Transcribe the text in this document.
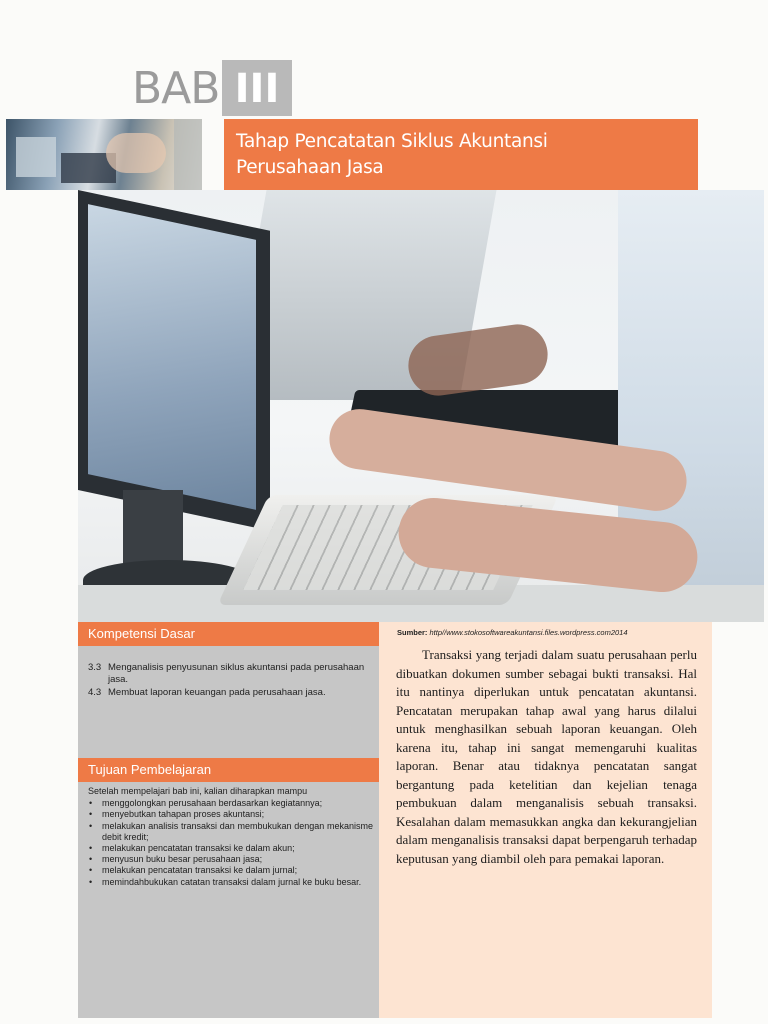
BAB III
Tahap Pencatatan Siklus Akuntansi Perusahaan Jasa
Kompetensi Dasar
3.3 Menganalisis penyusunan siklus akuntansi pada perusahaan jasa.
4.3 Membuat laporan keuangan pada perusahaan jasa.
Tujuan Pembelajaran
Setelah mempelajari bab ini, kalian diharapkan mampu
•	menggolongkan perusahaan berdasarkan kegiatannya;
•	menyebutkan tahapan proses akuntansi;
•	melakukan analisis transaksi dan membukukan dengan mekanisme debit kredit;
•	melakukan pencatatan transaksi ke dalam akun;
•	menyusun buku besar perusahaan jasa;
•	melakukan pencatatan transaksi ke dalam jurnal;
•	memindahbukukan catatan transaksi dalam jurnal ke buku besar.
Sumber: http//www.stokosoftwareakuntansi.files.wordpress.com2014

Transaksi yang terjadi dalam suatu perusahaan perlu dibuatkan dokumen sumber sebagai bukti transaksi. Hal itu nantinya diperlukan untuk pencatatan akuntansi. Pencatatan merupakan tahap awal yang harus dilalui untuk menghasilkan sebuah laporan keuangan. Oleh karena itu, tahap ini sangat memengaruhi kualitas laporan. Benar atau tidaknya pencatatan sangat bergantung pada ketelitian dan kejelian tenaga pembukuan dalam menganalisis sebuah transaksi. Kesalahan dalam memasukkan angka dan kekurangjelian dalam menganalisis transaksi dapat berpengaruh terhadap keputusan yang diambil oleh para pemakai laporan.
